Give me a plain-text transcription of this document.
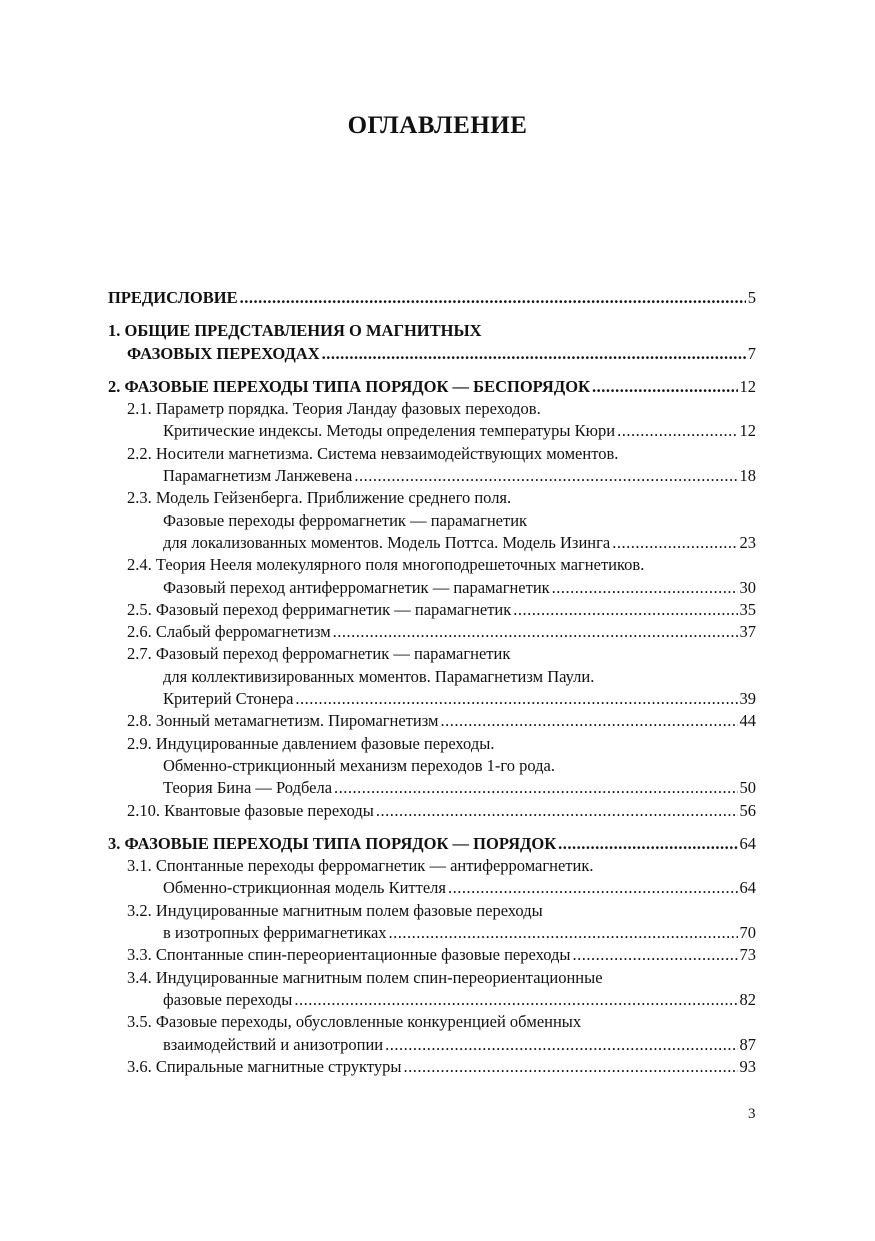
ОГЛАВЛЕНИЕ
ПРЕДИСЛОВИЕ .....	5
1. ОБЩИЕ ПРЕДСТАВЛЕНИЯ О МАГНИТНЫХ
ФАЗОВЫХ ПЕРЕХОДАХ .....	7
2. ФАЗОВЫЕ ПЕРЕХОДЫ ТИПА ПОРЯДОК — БЕСПОРЯДОК .....	12
2.1. Параметр порядка. Теория Ландау фазовых переходов.
Критические индексы. Методы определения температуры Кюри .....	12
2.2. Носители магнетизма. Система невзаимодействующих моментов.
Парамагнетизм Ланжевена .....	18
2.3. Модель Гейзенберга. Приближение среднего поля.
Фазовые переходы ферромагнетик — парамагнетик
для локализованных моментов. Модель Поттса. Модель Изинга .....	23
2.4. Теория Нееля молекулярного поля многоподрешеточных магнетиков.
Фазовый переход антиферромагнетик — парамагнетик .....	30
2.5. Фазовый переход ферримагнетик — парамагнетик .....	35
2.6. Слабый ферромагнетизм .....	37
2.7. Фазовый переход ферромагнетик — парамагнетик
для коллективизированных моментов. Парамагнетизм Паули.
Критерий Стонера .....	39
2.8. Зонный метамагнетизм. Пиромагнетизм .....	44
2.9. Индуцированные давлением фазовые переходы.
Обменно-стрикционный механизм переходов 1-го рода.
Теория Бина — Родбела .....	50
2.10. Квантовые фазовые переходы .....	56
3. ФАЗОВЫЕ ПЕРЕХОДЫ ТИПА ПОРЯДОК — ПОРЯДОК .....	64
3.1. Спонтанные переходы ферромагнетик — антиферромагнетик.
Обменно-стрикционная модель Киттеля .....	64
3.2. Индуцированные магнитным полем фазовые переходы
в изотропных ферримагнетиках .....	70
3.3. Спонтанные спин-переориентационные фазовые переходы .....	73
3.4. Индуцированные магнитным полем спин-переориентационные
фазовые переходы .....	82
3.5. Фазовые переходы, обусловленные конкуренцией обменных
взаимодействий и анизотропии .....	87
3.6. Спиральные магнитные структуры .....	93
3
